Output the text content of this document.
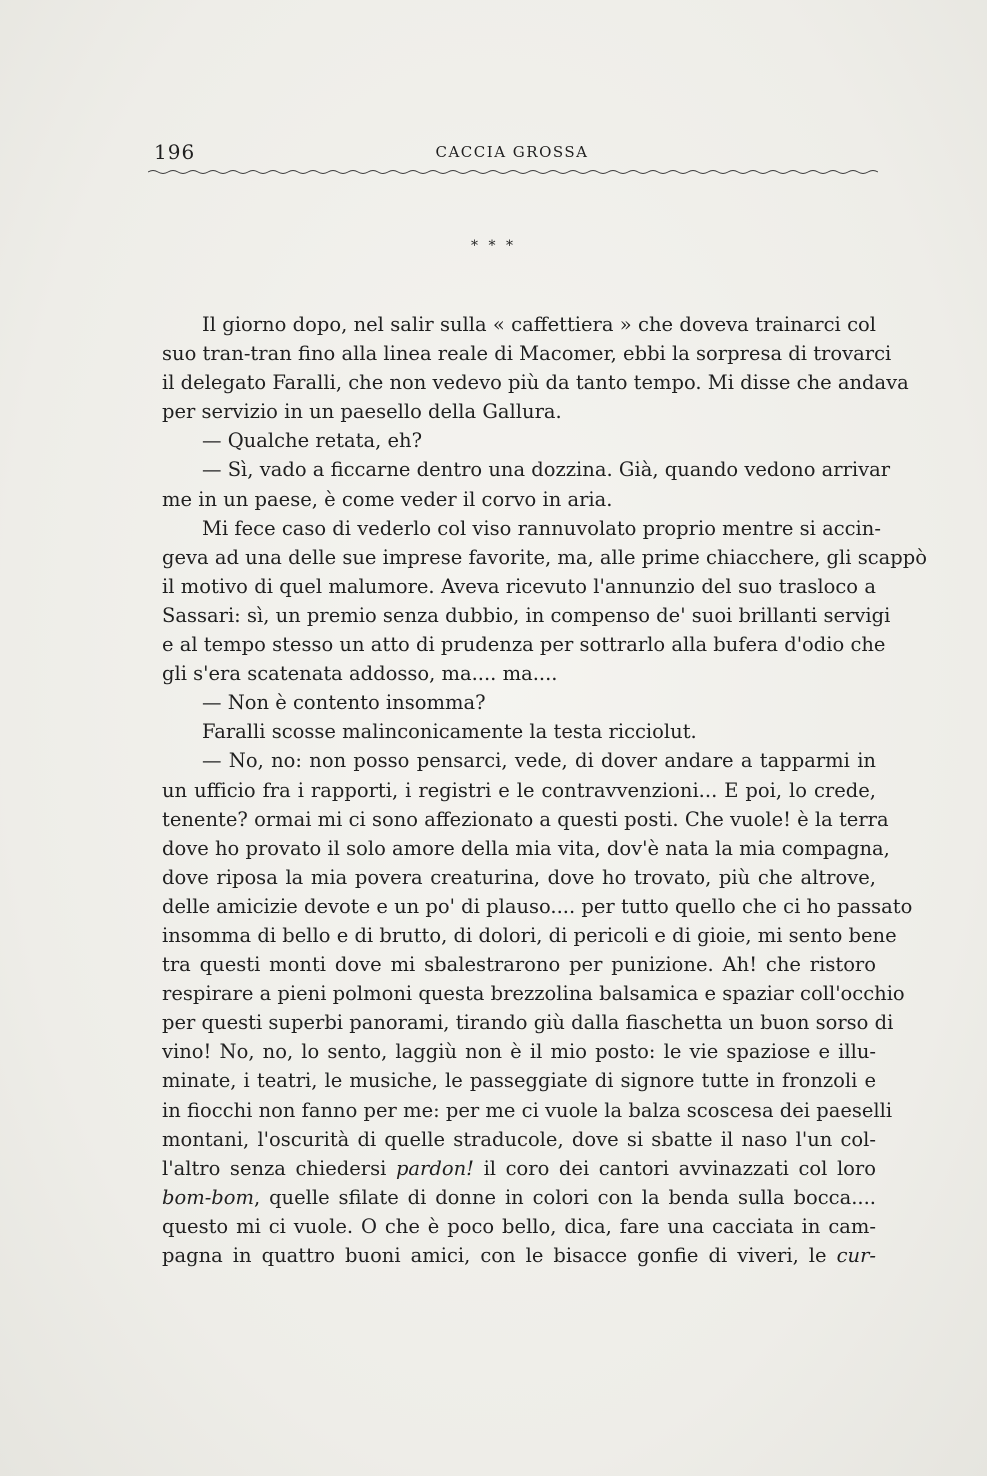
196	CACCIA GROSSA
* * *
Il giorno dopo, nel salir sulla « caffettiera » che doveva trainarci col
suo tran-tran fino alla linea reale di Macomer, ebbi la sorpresa di trovarci
il delegato Faralli, che non vedevo più da tanto tempo. Mi disse che andava
per servizio in un paesello della Gallura.
— Qualche retata, eh?
— Sì, vado a ficcarne dentro una dozzina. Già, quando vedono arrivar
me in un paese, è come veder il corvo in aria.
Mi fece caso di vederlo col viso rannuvolato proprio mentre si accin-
geva ad una delle sue imprese favorite, ma, alle prime chiacchere, gli scappò
il motivo di quel malumore. Aveva ricevuto l'annunzio del suo trasloco a
Sassari: sì, un premio senza dubbio, in compenso de' suoi brillanti servigi
e al tempo stesso un atto di prudenza per sottrarlo alla bufera d'odio che
gli s'era scatenata addosso, ma.... ma....
— Non è contento insomma?
Faralli scosse malinconicamente la testa ricciolut.
— No, no: non posso pensarci, vede, di dover andare a tapparmi in
un ufficio fra i rapporti, i registri e le contravvenzioni... E poi, lo crede,
tenente? ormai mi ci sono affezionato a questi posti. Che vuole! è la terra
dove ho provato il solo amore della mia vita, dov'è nata la mia compagna,
dove riposa la mia povera creaturina, dove ho trovato, più che altrove,
delle amicizie devote e un po' di plauso.... per tutto quello che ci ho passato
insomma di bello e di brutto, di dolori, di pericoli e di gioie, mi sento bene
tra questi monti dove mi sbalestrarono per punizione. Ah! che ristoro
respirare a pieni polmoni questa brezzolina balsamica e spaziar coll'occhio
per questi superbi panorami, tirando giù dalla fiaschetta un buon sorso di
vino! No, no, lo sento, laggiù non è il mio posto: le vie spaziose e illu-
minate, i teatri, le musiche, le passeggiate di signore tutte in fronzoli e
in fiocchi non fanno per me: per me ci vuole la balza scoscesa dei paeselli
montani, l'oscurità di quelle straducole, dove si sbatte il naso l'un col-
l'altro senza chiedersi pardon! il coro dei cantori avvinazzati col loro
bom-bom, quelle sfilate di donne in colori con la benda sulla bocca....
questo mi ci vuole. O che è poco bello, dica, fare una cacciata in cam-
pagna in quattro buoni amici, con le bisacce gonfie di viveri, le cur-
